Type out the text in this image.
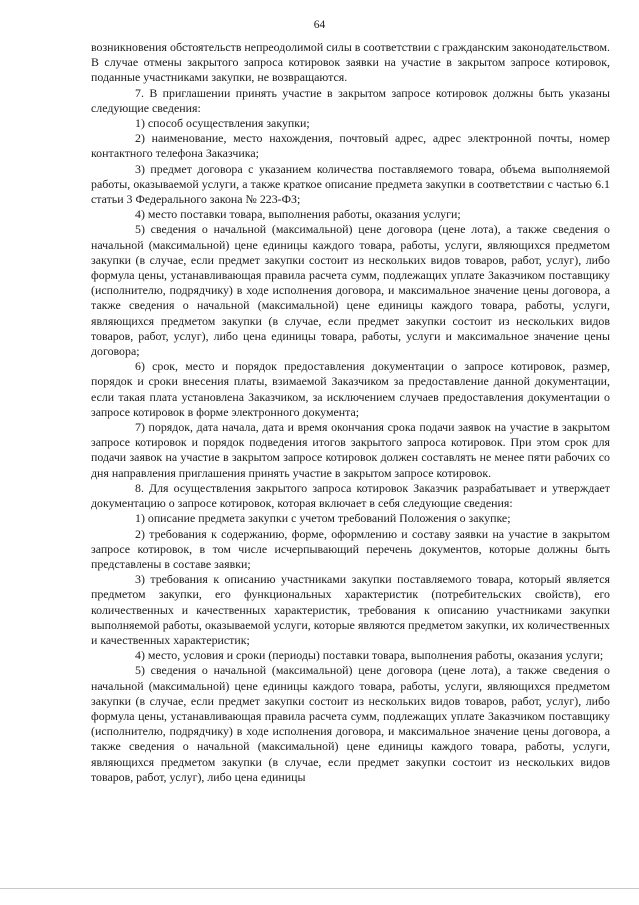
64

возникновения обстоятельств непреодолимой силы в соответствии с гражданским законодательством. В случае отмены закрытого запроса котировок заявки на участие в закрытом запросе котировок, поданные участниками закупки, не возвращаются.

7. В приглашении принять участие в закрытом запросе котировок должны быть указаны следующие сведения:

1) способ осуществления закупки;

2) наименование, место нахождения, почтовый адрес, адрес электронной почты, номер контактного телефона Заказчика;

3) предмет договора с указанием количества поставляемого товара, объема выполняемой работы, оказываемой услуги, а также краткое описание предмета закупки в соответствии с частью 6.1 статьи 3 Федерального закона № 223-ФЗ;

4) место поставки товара, выполнения работы, оказания услуги;

5) сведения о начальной (максимальной) цене договора (цене лота), а также сведения о начальной (максимальной) цене единицы каждого товара, работы, услуги, являющихся предметом закупки (в случае, если предмет закупки состоит из нескольких видов товаров, работ, услуг), либо формула цены, устанавливающая правила расчета сумм, подлежащих уплате Заказчиком поставщику (исполнителю, подрядчику) в ходе исполнения договора, и максимальное значение цены договора, а также сведения о начальной (максимальной) цене единицы каждого товара, работы, услуги, являющихся предметом закупки (в случае, если предмет закупки состоит из нескольких видов товаров, работ, услуг), либо цена единицы товара, работы, услуги и максимальное значение цены договора;

6) срок, место и порядок предоставления документации о запросе котировок, размер, порядок и сроки внесения платы, взимаемой Заказчиком за предоставление данной документации, если такая плата установлена Заказчиком, за исключением случаев предоставления документации о запросе котировок в форме электронного документа;

7) порядок, дата начала, дата и время окончания срока подачи заявок на участие в закрытом запросе котировок и порядок подведения итогов закрытого запроса котировок. При этом срок для подачи заявок на участие в закрытом запросе котировок должен составлять не менее пяти рабочих со дня направления приглашения принять участие в закрытом запросе котировок.

8. Для осуществления закрытого запроса котировок Заказчик разрабатывает и утверждает документацию о запросе котировок, которая включает в себя следующие сведения:

1) описание предмета закупки с учетом требований Положения о закупке;

2) требования к содержанию, форме, оформлению и составу заявки на участие в закрытом запросе котировок, в том числе исчерпывающий перечень документов, которые должны быть представлены в составе заявки;

3) требования к описанию участниками закупки поставляемого товара, который является предметом закупки, его функциональных характеристик (потребительских свойств), его количественных и качественных характеристик, требования к описанию участниками закупки выполняемой работы, оказываемой услуги, которые являются предметом закупки, их количественных и качественных характеристик;

4) место, условия и сроки (периоды) поставки товара, выполнения работы, оказания услуги;

5) сведения о начальной (максимальной) цене договора (цене лота), а также сведения о начальной (максимальной) цене единицы каждого товара, работы, услуги, являющихся предметом закупки (в случае, если предмет закупки состоит из нескольких видов товаров, работ, услуг), либо формула цены, устанавливающая правила расчета сумм, подлежащих уплате Заказчиком поставщику (исполнителю, подрядчику) в ходе исполнения договора, и максимальное значение цены договора, а также сведения о начальной (максимальной) цене единицы каждого товара, работы, услуги, являющихся предметом закупки (в случае, если предмет закупки состоит из нескольких видов товаров, работ, услуг), либо цена единицы
